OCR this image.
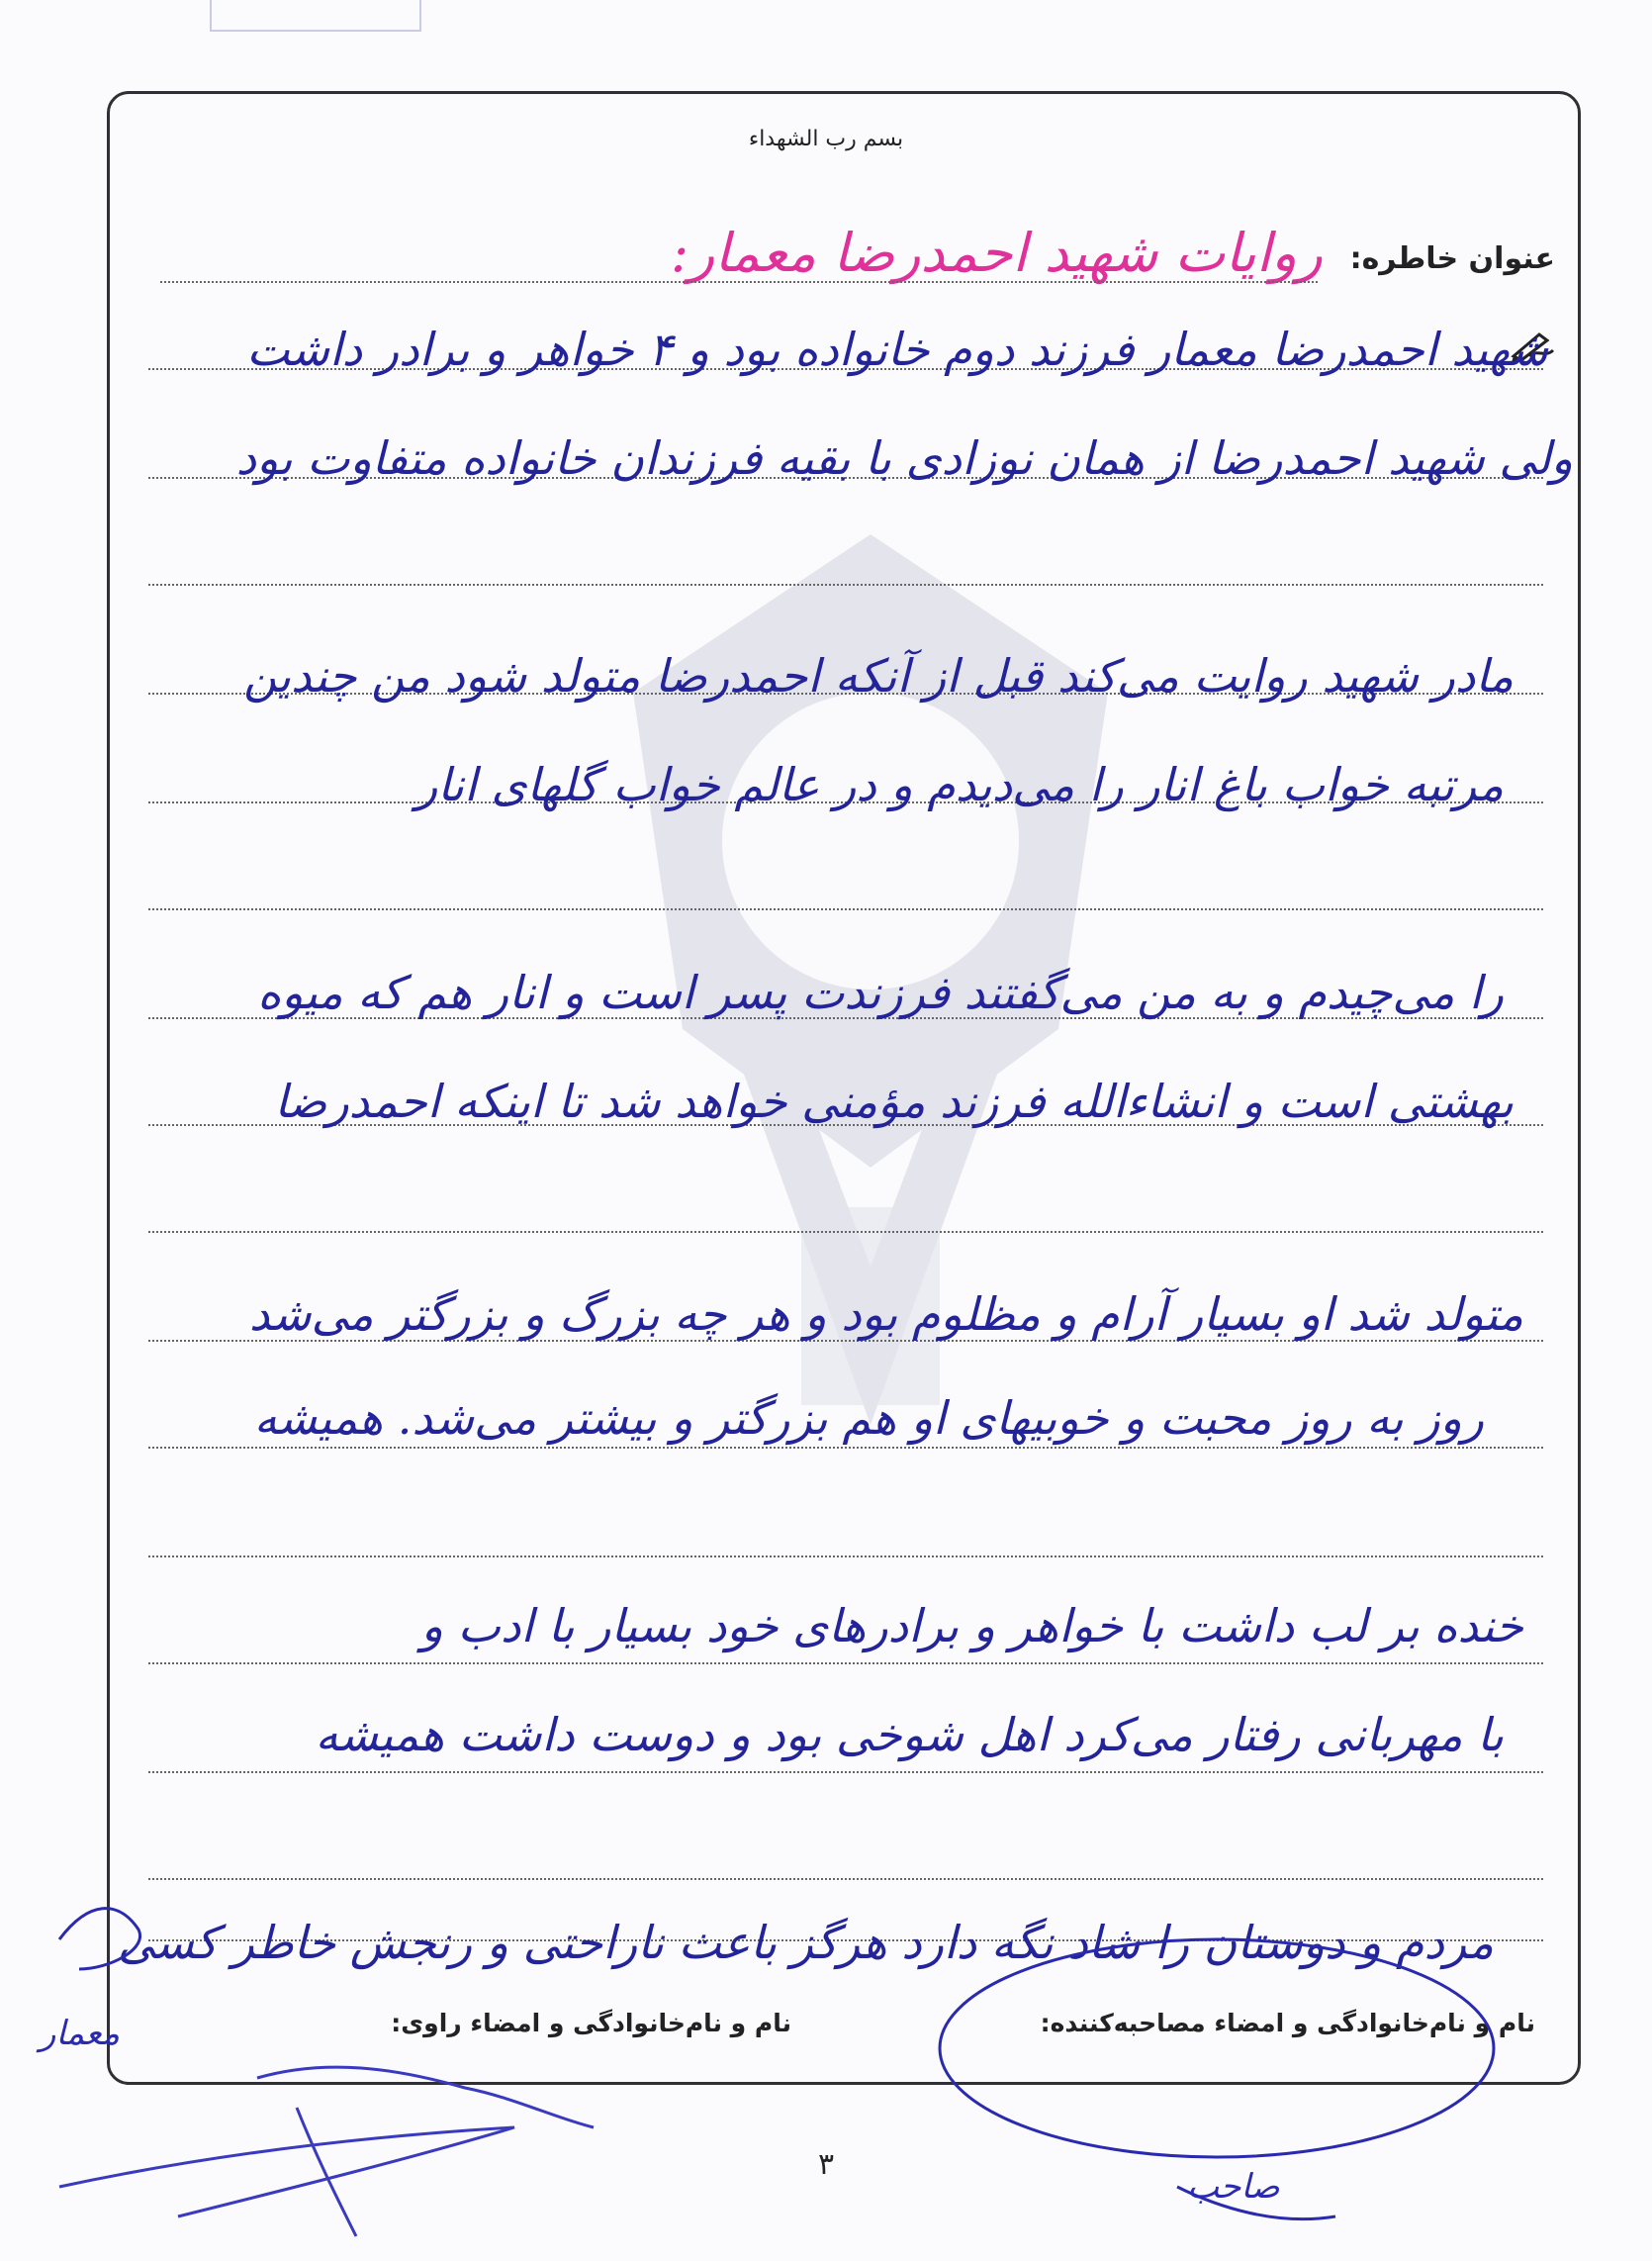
بسم رب الشهداء
عنوان خاطره:
روایات شهید احمدرضا معمار:
شهید احمدرضا معمار فرزند دوم خانواده بود و ۴ خواهر و برادر داشت
ولی شهید احمدرضا از همان نوزادی با بقیه فرزندان خانواده متفاوت بود
مادر شهید روایت می‌کند قبل از آنکه احمدرضا متولد شود من چندین
مرتبه خواب باغ انار را می‌دیدم و در عالم خواب گلهای انار
را می‌چیدم و به من می‌گفتند فرزندت پسر است و انار هم که میوه
بهشتی است و انشاءالله فرزند مؤمنی خواهد شد تا اینکه احمدرضا
متولد شد او بسیار آرام و مظلوم بود و هر چه بزرگ و بزرگتر می‌شد
روز به روز محبت و خوبیهای او هم بزرگتر و بیشتر می‌شد. همیشه
خنده بر لب داشت با خواهر و برادرهای خود بسیار با ادب و
با مهربانی رفتار می‌کرد اهل شوخی بود و دوست داشت همیشه
مردم و دوستان را شاد نگه دارد هرگز باعث ناراحتی و رنجش خاطر کسی
نام و نام‌خانوادگی و امضاء مصاحبه‌کننده:
نام و نام‌خانوادگی و امضاء راوی:
۳
معمار
صاحب
